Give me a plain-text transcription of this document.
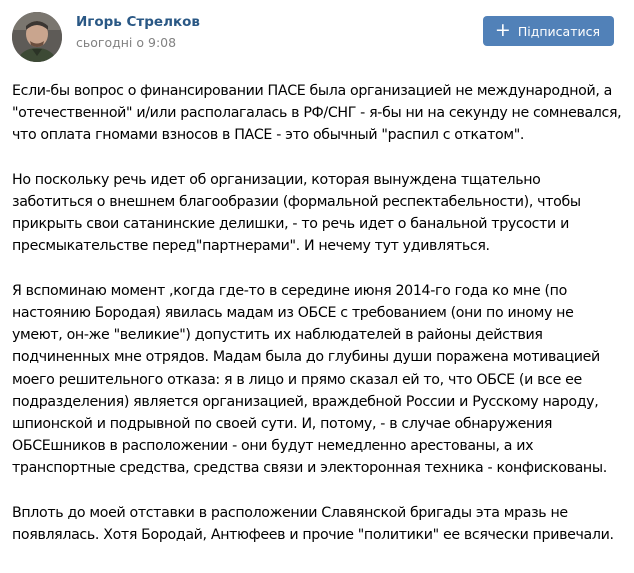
Игорь Стрелков
сьогодні о 9:08
+ Підписатися

Если-бы вопрос о финансировании ПАСЕ была организацией не международной, а "отечественной" и/или располагалась в РФ/СНГ - я-бы ни на секунду не сомневался, что оплата гномами взносов в ПАСЕ - это обычный "распил с откатом".

Но поскольку речь идет об организации, которая вынуждена тщательно заботиться о внешнем благообразии (формальной респектабельности), чтобы прикрыть свои сатанинские делишки, - то речь идет о банальной трусости и пресмыкательстве перед"партнерами". И нечему тут удивляться.

Я вспоминаю момент ,когда где-то в середине июня 2014-го года ко мне (по настоянию Бородая) явилась мадам из ОБСЕ с требованием (они по иному не умеют, он-же "великие") допустить их наблюдателей в районы действия подчиненных мне отрядов. Мадам была до глубины души поражена мотивацией моего решительного отказа: я в лицо и прямо сказал ей то, что ОБСЕ (и все ее подразделения) является организацией, враждебной России и Русскому народу, шпионской и подрывной по своей сути. И, потому, - в случае обнаружения ОБСЕшников в расположении - они будут немедленно арестованы, а их транспортные средства, средства связи и электоронная техника - конфискованы.

Вплоть до моей отставки в расположении Славянской бригады эта мразь не появлялась. Хотя Бородай, Антюфеев и прочие "политики" ее всячески привечали.
